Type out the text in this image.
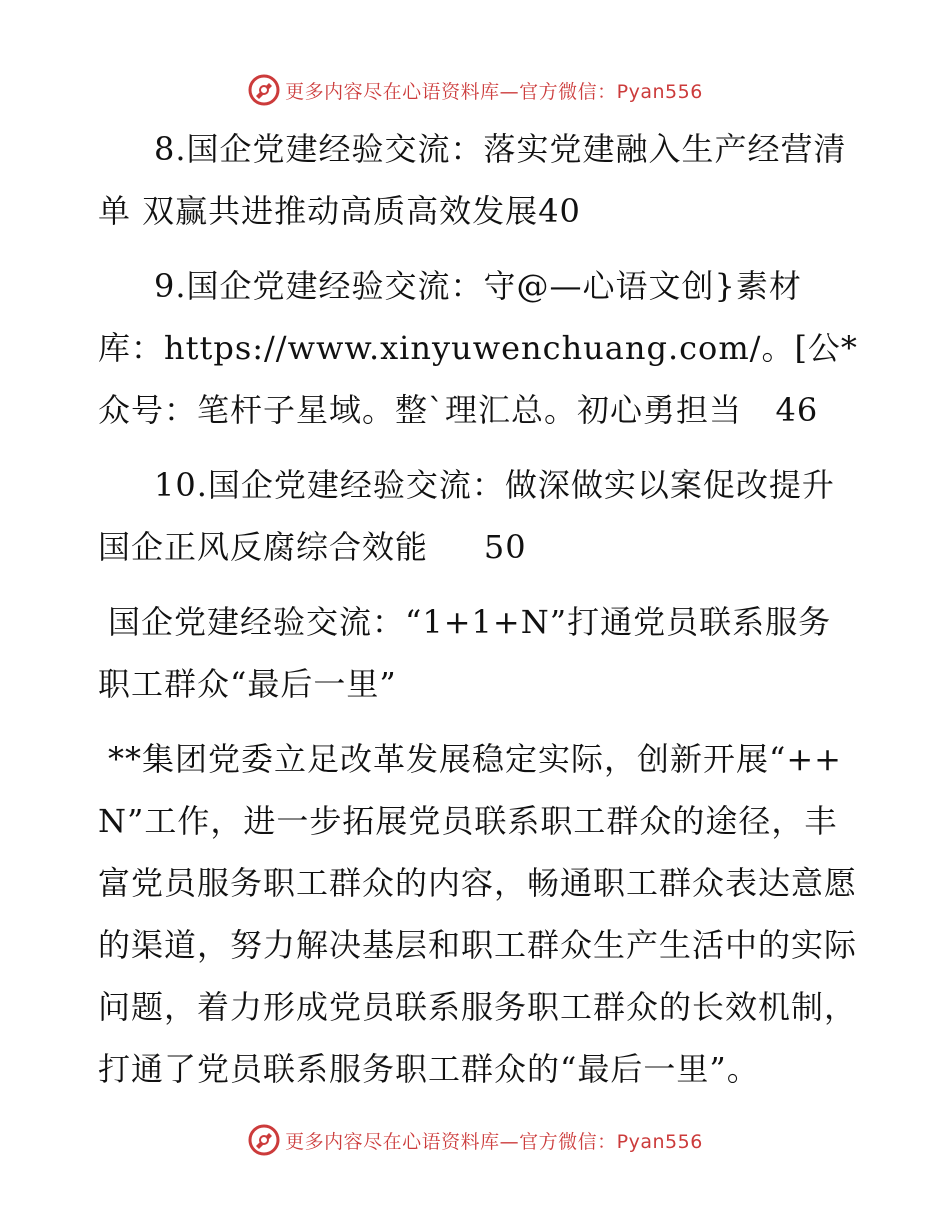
更多内容尽在心语资料库—官方微信：Pyan556

8.国企党建经验交流：落实党建融入生产经营清单 双赢共进推动高质高效发展40

9.国企党建经验交流：守@—心语文创}素材库：https://www.xinyuwenchuang.com/。[公*众号：笔杆子星域。整`理汇总。初心勇担当 46

10.国企党建经验交流：做深做实以案促改提升国企正风反腐综合效能 50

国企党建经验交流：“1+1+N”打通党员联系服务职工群众“最后一里”

**集团党委立足改革发展稳定实际，创新开展“++N”工作，进一步拓展党员联系职工群众的途径，丰富党员服务职工群众的内容，畅通职工群众表达意愿的渠道，努力解决基层和职工群众生产生活中的实际问题，着力形成党员联系服务职工群众的长效机制，打通了党员联系服务职工群众的“最后一里”。

更多内容尽在心语资料库—官方微信：Pyan556
